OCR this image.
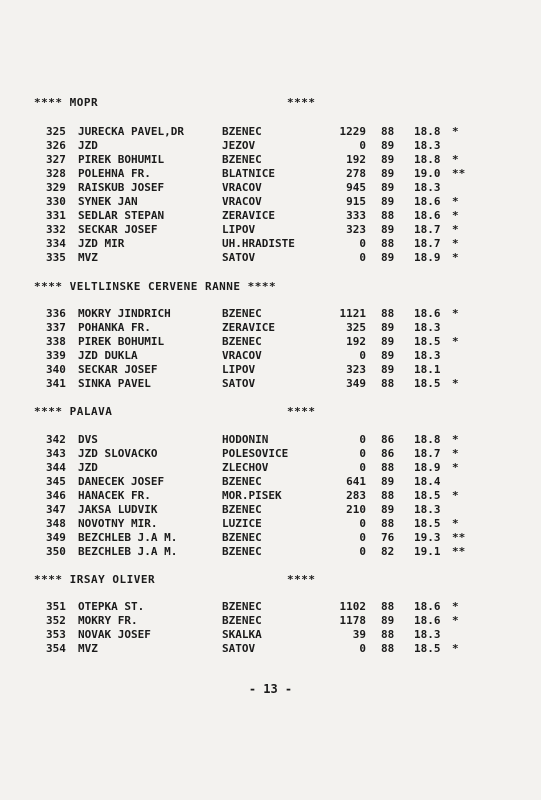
**** MOPR

	****

325 JURECKA PAVEL,DR	BZENEC	1229 88 18.8 *
326 JZD	JEZOV	0 89 18.3
327 PIREK BOHUMIL	BZENEC	192 89 18.8 *
328 POLEHNA FR.	BLATNICE	278 89 19.0 **
329 RAISKUB JOSEF	VRACOV	945 89 18.3
330 SYNEK JAN	VRACOV	915 89 18.6 *
331 SEDLAR STEPAN	ZERAVICE	333 88 18.6 *
332 SECKAR JOSEF	LIPOV	323 89 18.7 *
334 JZD MIR	UH.HRADISTE	0 88 18.7 *
335 MVZ	SATOV	0 89 18.9 *

**** VELTLINSKE CERVENE RANNE ****

336 MOKRY JINDRICH	BZENEC	1121 88 18.6 *
337 POHANKA FR.	ZERAVICE	325 89 18.3
338 PIREK BOHUMIL	BZENEC	192 89 18.5 *
339 JZD DUKLA	VRACOV	0 89 18.3
340 SECKAR JOSEF	LIPOV	323 89 18.1
341 SINKA PAVEL	SATOV	349 88 18.5 *

**** PALAVA

	****

342 DVS	HODONIN	0 86 18.8 *
343 JZD SLOVACKO	POLESOVICE	0 86 18.7 *
344 JZD	ZLECHOV	0 88 18.9 *
345 DANECEK JOSEF	BZENEC	641 89 18.4
346 HANACEK FR.	MOR.PISEK	283 88 18.5 *
347 JAKSA LUDVIK	BZENEC	210 89 18.3
348 NOVOTNY MIR.	LUZICE	0 88 18.5 *
349 BEZCHLEB J.A M.	BZENEC	0 76 19.3 **
350 BEZCHLEB J.A M.	BZENEC	0 82 19.1 **

**** IRSAY OLIVER

	****

351 OTEPKA ST.	BZENEC	1102 88 18.6 *
352 MOKRY FR.	BZENEC	1178 89 18.6 *
353 NOVAK JOSEF	SKALKA	39 88 18.3
354 MVZ	SATOV	0 88 18.5 *
- 13 -
